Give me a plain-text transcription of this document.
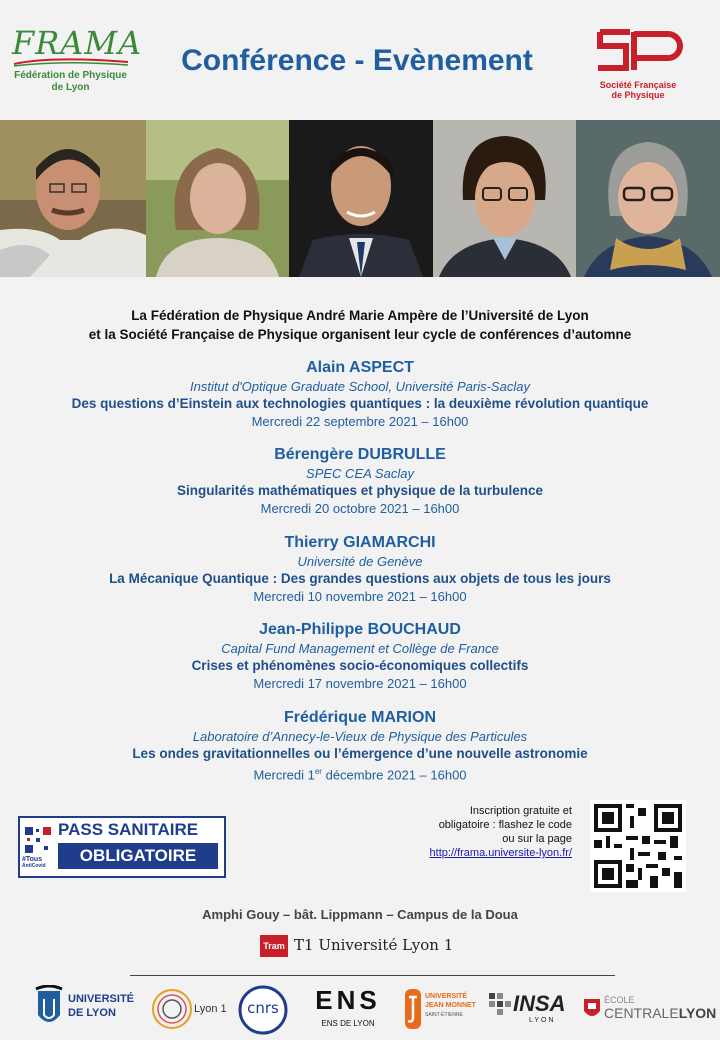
FRAMA
Fédération de Physique
de Lyon
Conférence - Evènement
Société Française
de Physique
La Fédération de Physique André Marie Ampère de l’Université de Lyon
et la Société Française de Physique organisent leur cycle de conférences d’automne
Alain ASPECT
Institut d'Optique Graduate School, Université Paris-Saclay
Des questions d’Einstein aux technologies quantiques : la deuxième révolution quantique
Mercredi 22 septembre 2021 – 16h00
Bérengère DUBRULLE
SPEC CEA Saclay
Singularités mathématiques et physique de la turbulence
Mercredi 20 octobre 2021 – 16h00
Thierry GIAMARCHI
Université de Genève
La Mécanique Quantique : Des grandes questions aux objets de tous les jours
Mercredi 10 novembre 2021 – 16h00
Jean-Philippe BOUCHAUD
Capital Fund Management et Collège de France
Crises et phénomènes socio-économiques collectifs
Mercredi 17 novembre 2021 – 16h00
Frédérique MARION
Laboratoire d’Annecy-le-Vieux de Physique des Particules
Les ondes gravitationnelles ou l’émergence d’une nouvelle astronomie
Mercredi 1er décembre 2021 – 16h00
#Tous
AntiCovid
PASS SANITAIRE
OBLIGATOIRE
Inscription gratuite et
obligatoire : flashez le code
ou sur la page
http://frama.universite-lyon.fr/
Amphi Gouy – bât. Lippmann – Campus de la Doua
Tram T1 Université Lyon 1
UNIVERSITÉ
DE LYON	Lyon 1	cnrs	ENS
ENS DE LYON
UNIVERSITÉ
JEAN MONNET
SAINT-ÉTIENNE INSA
LYON
ÉCOLE
CENTRALELYON
